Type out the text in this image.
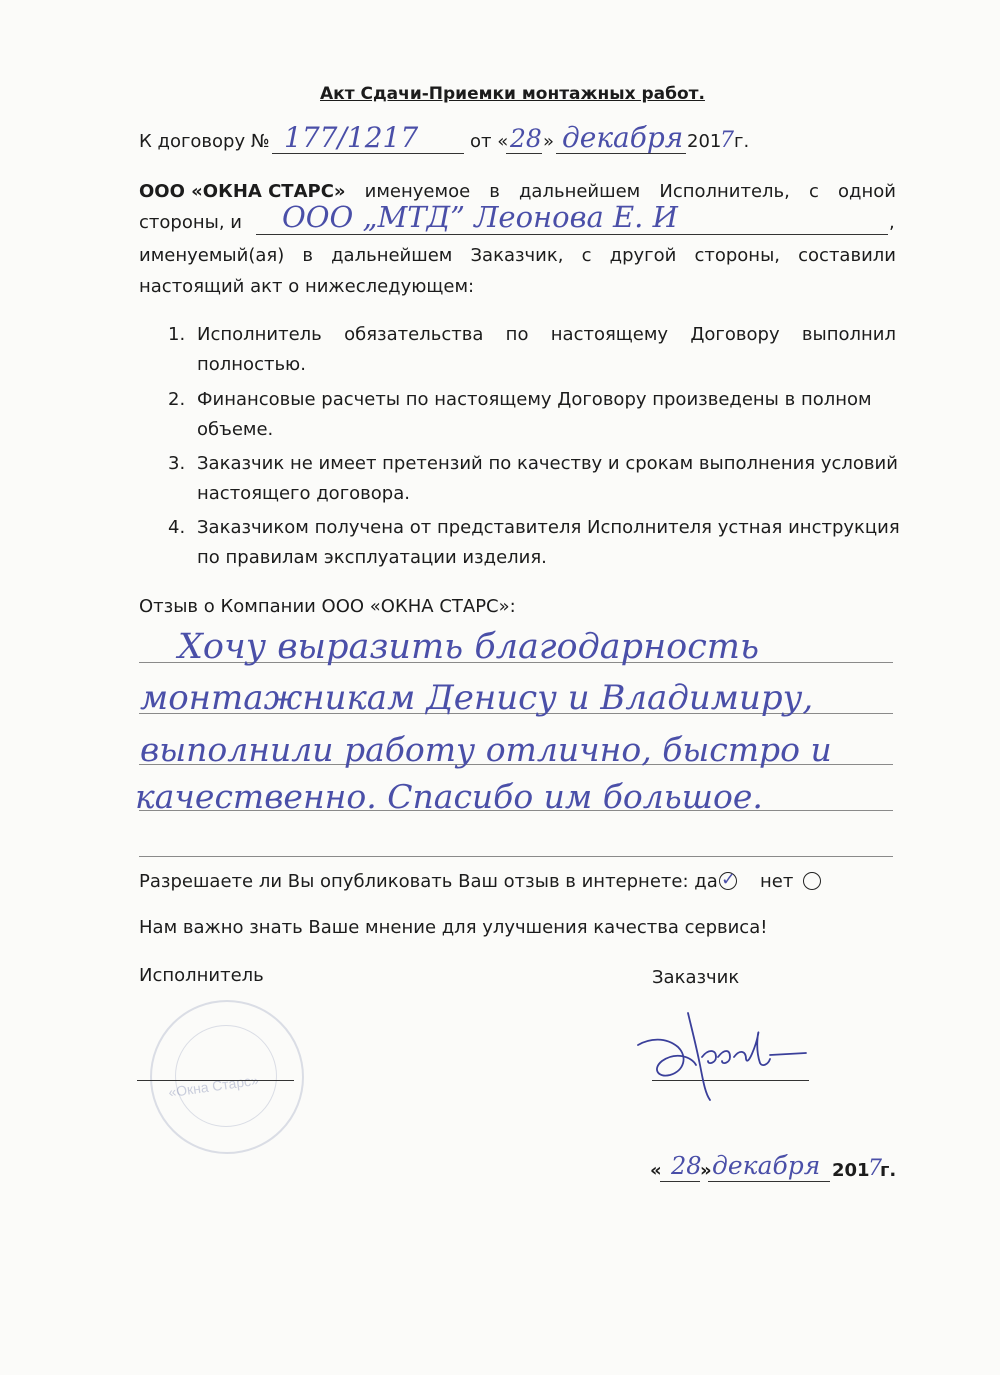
Акт Сдачи-Приемки монтажных работ.
К договору № 177/1217	от « 28 » декабря 201
7 г.
ООО «ОКНА СТАРС» именуемое в дальнейшем Исполнитель, с одной
стороны, и ООО „МТД” Леонова Е. И	,
именуемый(ая) в дальнейшем Заказчик, с другой стороны, составили
настоящий акт о нижеследующем:
1. Исполнитель обязательства по настоящему Договору выполнил
полностью.
2. Финансовые расчеты по настоящему Договору произведены в полном
объеме.
3. Заказчик не имеет претензий по качеству и срокам выполнения условий
настоящего договора.
4. Заказчиком получена от представителя Исполнителя устная инструкция
по правилам эксплуатации изделия.
Отзыв о Компании ООО «ОКНА СТАРС»:
Хочу выразить благодарность
монтажникам Денису и Владимиру,
выполнили работу отлично, быстро и
качественно. Спасибо им большое.
Разрешаете ли Вы опубликовать Ваш отзыв в интернете: да ✓ нет
Нам важно знать Ваше мнение для улучшения качества сервиса!
Исполнитель	Заказчик
«Окна Старс»
« 28
» декабря 201
7
г.
